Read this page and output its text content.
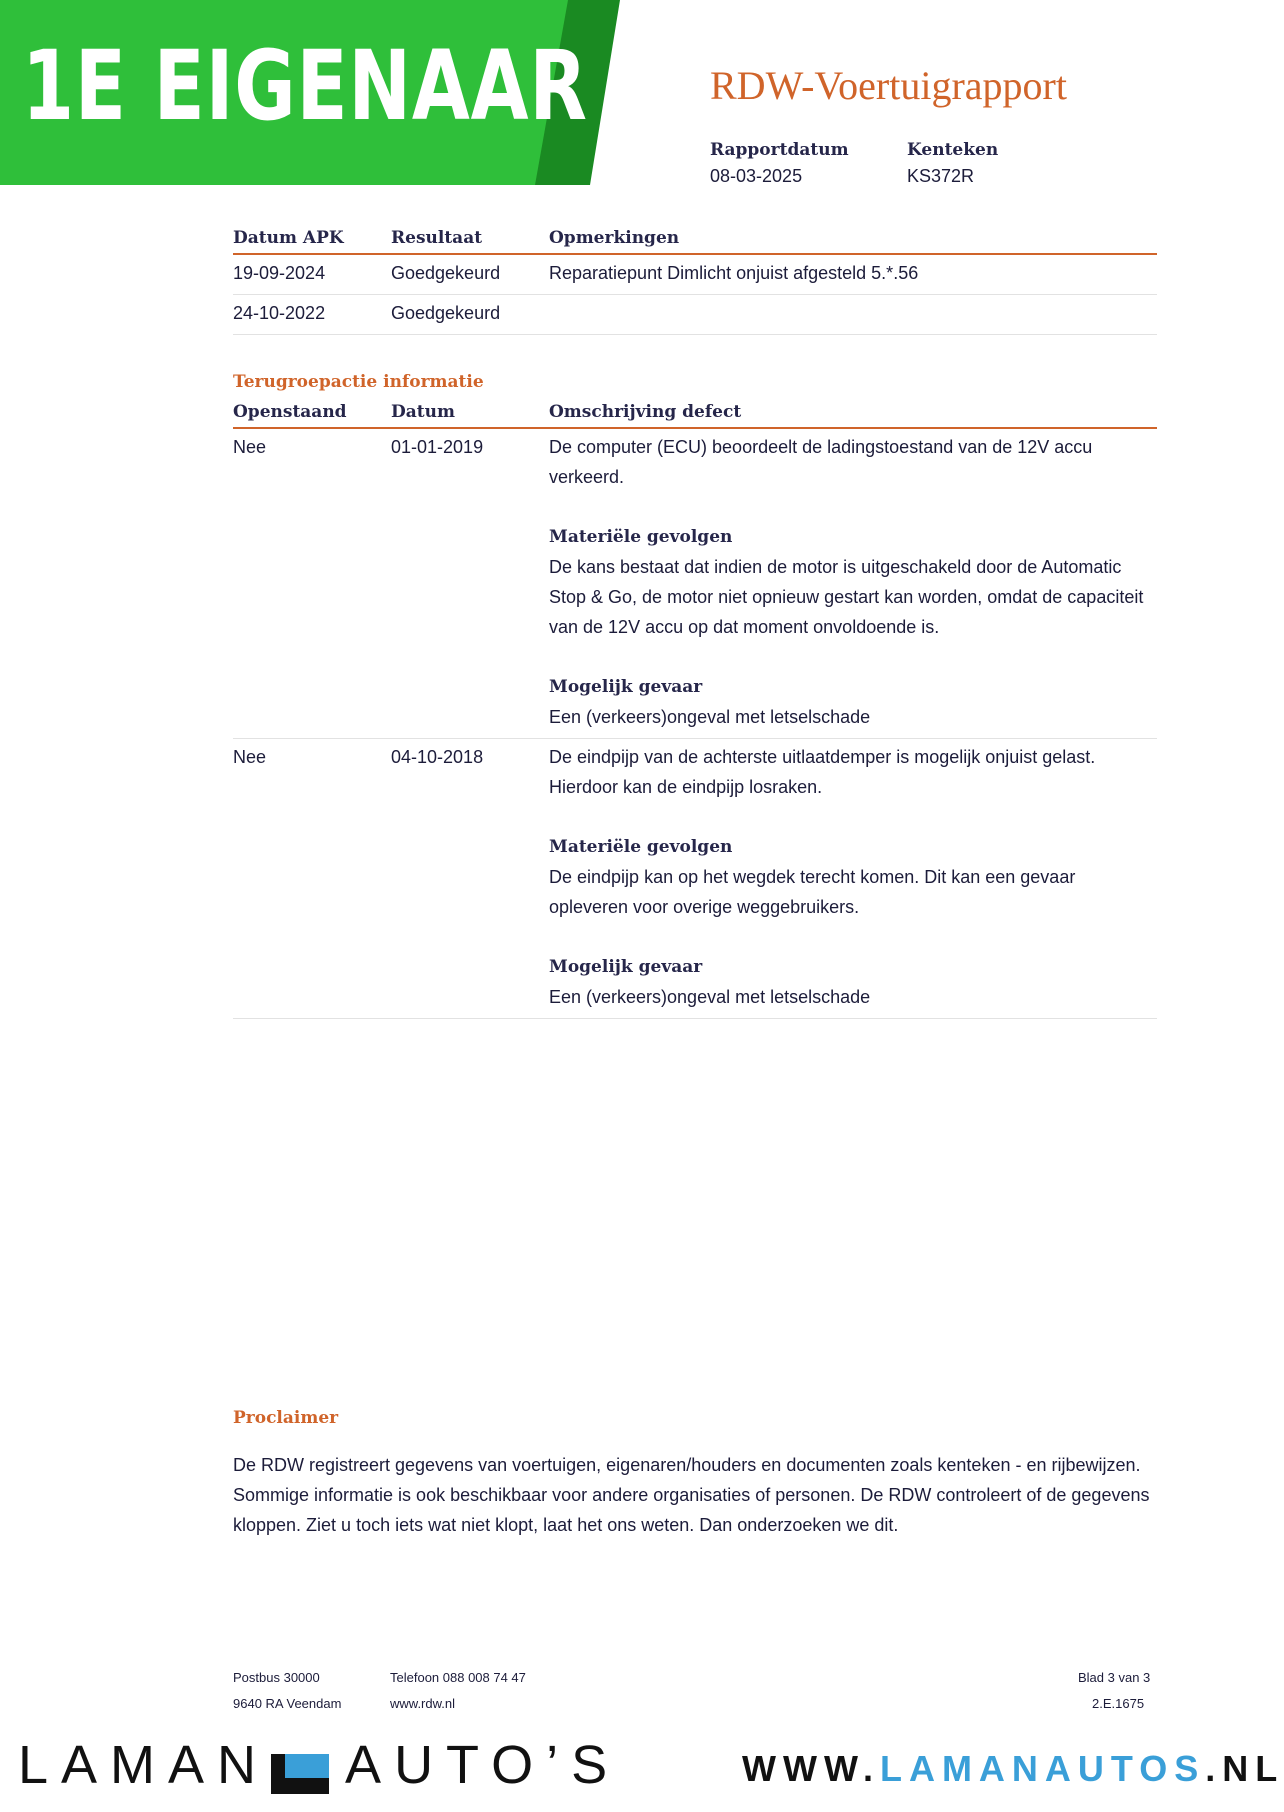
1E EIGENAAR	RDW-Voertuigrapport
Rapportdatum
08-03-2025
Kenteken
KS372R
Datum APK	Resultaat	Opmerkingen
19-09-2024	Goedgekeurd	Reparatiepunt Dimlicht onjuist afgesteld 5.*.56
24-10-2022	Goedgekeurd	
Terugroepactie informatie
Openstaand	Datum	Omschrijving defect
Nee	01-01-2019	De computer (ECU) beoordeelt de ladingstoestand van de 12V accu verkeerd.
Materiële gevolgen
De kans bestaat dat indien de motor is uitgeschakeld door de Automatic Stop & Go, de motor niet opnieuw gestart kan worden, omdat de capaciteit van de 12V accu op dat moment onvoldoende is.
Mogelijk gevaar
Een (verkeers)ongeval met letselschade

Nee	04-10-2018	De eindpijp van de achterste uitlaatdemper is mogelijk onjuist gelast. Hierdoor kan de eindpijp losraken.
Materiële gevolgen
De eindpijp kan op het wegdek terecht komen. Dit kan een gevaar opleveren voor overige weggebruikers.
Mogelijk gevaar
Een (verkeers)ongeval met letselschade
Proclaimer
De RDW registreert gegevens van voertuigen, eigenaren/houders en documenten zoals kenteken - en rijbewijzen. Sommige informatie is ook beschikbaar voor andere organisaties of personen. De RDW controleert of de gegevens kloppen. Ziet u toch iets wat niet klopt, laat het ons weten. Dan onderzoeken we dit.
Postbus 30000	Telefoon 088 008 74 47	Blad 3 van 3
9640 RA Veendam	www.rdw.nl	2.E.1675
LAMAN AUTO’S	WWW.LAMANAUTOS.NL
